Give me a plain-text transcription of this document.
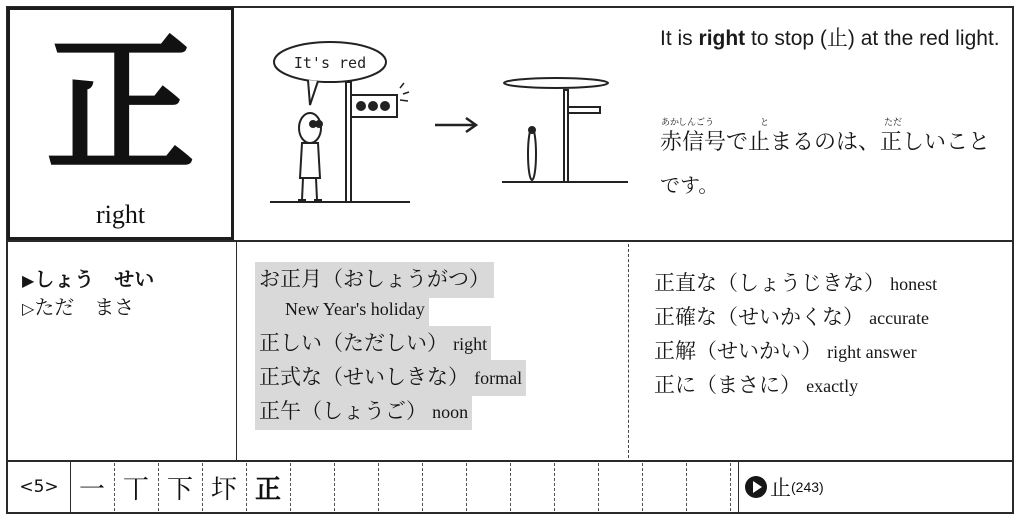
正
right
It's red
It is right to stop (止) at the red light.
あか
しんごう	と	ただ
赤信号で止まるのは、正しいこと
です。
▶しょう　せい
▷ただ　まさ
お正月（おしょうがつ）
New Year's holiday
正しい（ただしい） right
正式な（せいしきな） formal
正午（しょうご） noon
正直な（しょうじきな） honest
正確な（せいかくな） accurate
正解（せいかい） right answer
正に（まさに） exactly
<5> 一 丅 下 圷 正	止 (243)
